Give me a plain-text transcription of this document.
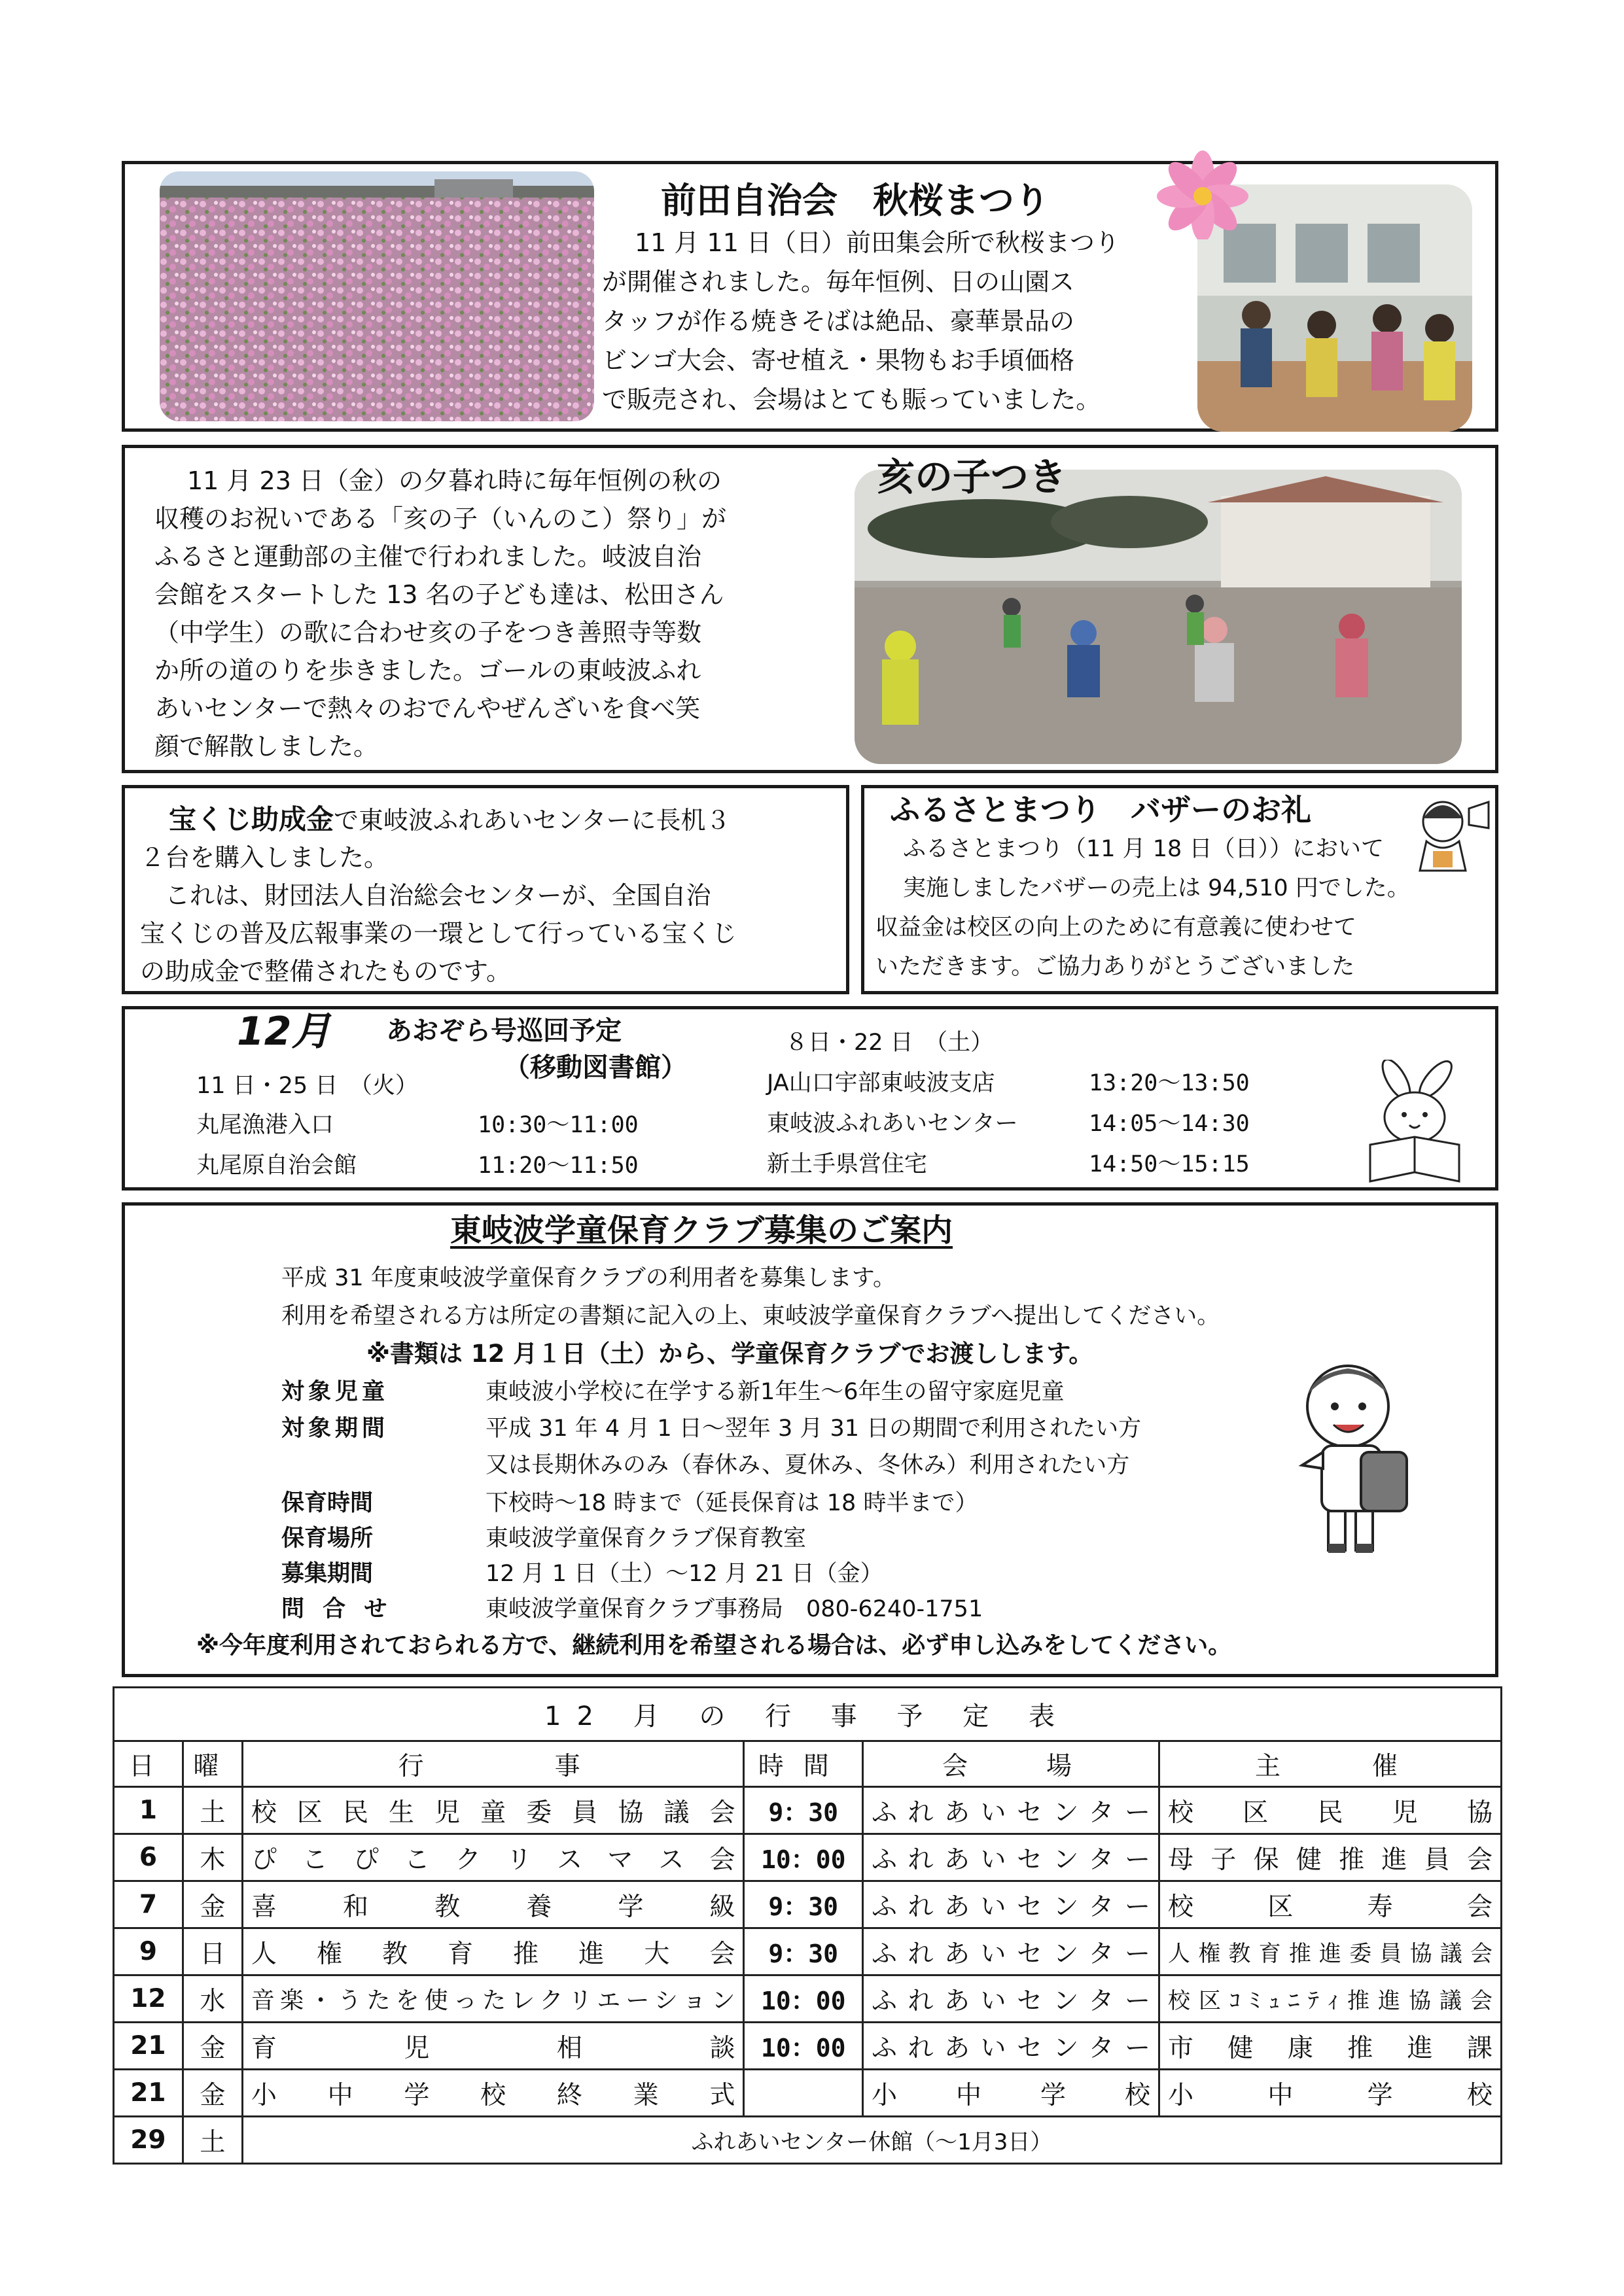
前田自治会　秋桜まつり
11 月 11 日（日）前田集会所で秋桜まつり
が開催されました。毎年恒例、日の山園ス
タッフが作る焼きそばは絶品、豪華景品の
ビンゴ大会、寄せ植え・果物もお手頃価格
で販売され、会場はとても賑っていました。
11 月 23 日（金）の夕暮れ時に毎年恒例の秋の
収穫のお祝いである「亥の子（いんのこ）祭り」が
ふるさと運動部の主催で行われました。岐波自治
会館をスタートした 13 名の子ども達は、松田さん
（中学生）の歌に合わせ亥の子をつき善照寺等数
か所の道のりを歩きました。ゴールの東岐波ふれ
あいセンターで熱々のおでんやぜんざいを食べ笑
顔で解散しました。
亥の子つき
宝くじ助成金で東岐波ふれあいセンターに長机３
２台を購入しました。
　これは、財団法人自治総会センターが、全国自治
宝くじの普及広報事業の一環として行っている宝くじ
の助成金で整備されたものです。
ふるさとまつり　バザーのお礼
ふるさとまつり（11 月 18 日（日））において
実施しましたバザーの売上は 94,510 円でした。
収益金は校区の向上のために有意義に使わせて
いただきます。ご協力ありがとうございました
12月 あおぞら号巡回予定
（移動図書館）
11 日・25 日　（火）
８日・22 日　（土）
丸尾漁港入口	10:30～11:00
丸尾原自治会館	11:20～11:50
JA山口宇部東岐波支店	13:20～13:50
東岐波ふれあいセンター	14:05～14:30
新土手県営住宅	14:50～15:15
東岐波学童保育クラブ募集のご案内
平成 31 年度東岐波学童保育クラブの利用者を募集します。
利用を希望される方は所定の書類に記入の上、東岐波学童保育クラブへ提出してください。
※書類は 12 月１日（土）から、学童保育クラブでお渡しします。
対象児童	東岐波小学校に在学する新1年生～6年生の留守家庭児童
対象期間	平成 31 年 4 月 1 日～翌年 3 月 31 日の期間で利用されたい方
又は長期休みのみ（春休み、夏休み、冬休み）利用されたい方
保育時間	下校時～18 時まで（延長保育は 18 時半まで）
保育場所	東岐波学童保育クラブ保育教室
募集期間	12 月 1 日（土）～12 月 21 日（金）
問 合 せ	東岐波学童保育クラブ事務局　080-6240-1751
※今年度利用されておられる方で、継続利用を希望される場合は、必ず申し込みをしてください。
12 月 の 行 事 予 定 表					
日	曜	行事	時間	会場	主催
1	土	校区民生児童委員協議会	9：30	ふれあいセンター	校区民児協
6	木	ぴこぴこクリスマス会	10：00	ふれあいセンター	母子保健推進員会
7	金	喜和教養学級	9：30	ふれあいセンター	校区寿会
9	日	人権教育推進大会	9：30	ふれあいセンター	人権教育推進委員協議会
12	水	音楽・うたを使ったレクリエーション	10：00	ふれあいセンター	校区ｺﾐｭﾆﾃｨ推進協議会
21	金	育児相談	10：00	ふれあいセンター	市健康推進課
21	金	小中学校終業式		小中学校	小中学校
29	土	ふれあいセンター休館（～1月3日）			
